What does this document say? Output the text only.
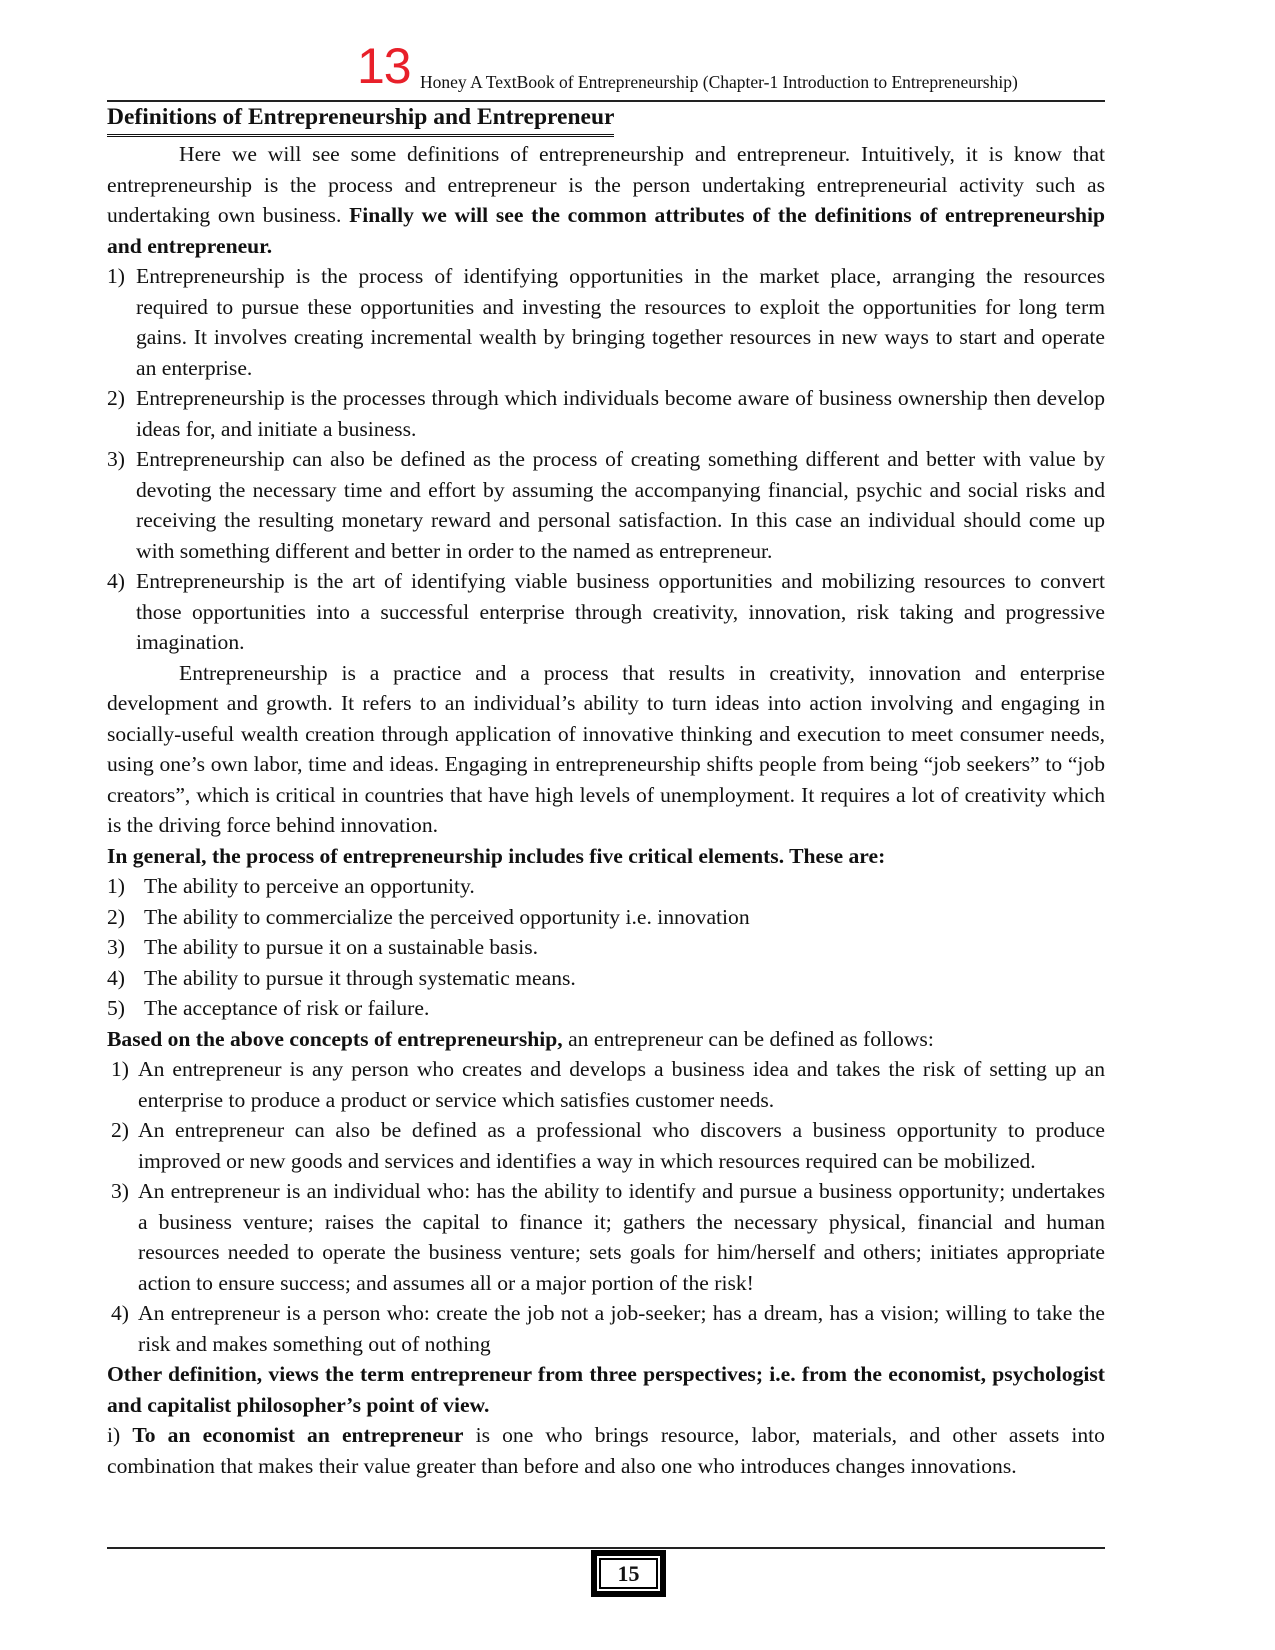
13 Honey A TextBook of Entrepreneurship (Chapter-1 Introduction to Entrepreneurship)
Definitions of Entrepreneurship and Entrepreneur

Here we will see some definitions of entrepreneurship and entrepreneur. Intuitively, it is know that entrepreneurship is the process and entrepreneur is the person undertaking entrepreneurial activity such as undertaking own business. Finally we will see the common attributes of the definitions of entrepreneurship and entrepreneur.

1) Entrepreneurship is the process of identifying opportunities in the market place, arranging the resources required to pursue these opportunities and investing the resources to exploit the opportunities for long term gains. It involves creating incremental wealth by bringing together resources in new ways to start and operate an enterprise.
2) Entrepreneurship is the processes through which individuals become aware of business ownership then develop ideas for, and initiate a business.
3) Entrepreneurship can also be defined as the process of creating something different and better with value by devoting the necessary time and effort by assuming the accompanying financial, psychic and social risks and receiving the resulting monetary reward and personal satisfaction. In this case an individual should come up with something different and better in order to the named as entrepreneur.
4) Entrepreneurship is the art of identifying viable business opportunities and mobilizing resources to convert those opportunities into a successful enterprise through creativity, innovation, risk taking and progressive imagination.

Entrepreneurship is a practice and a process that results in creativity, innovation and enterprise development and growth. It refers to an individual’s ability to turn ideas into action involving and engaging in socially-useful wealth creation through application of innovative thinking and execution to meet consumer needs, using one’s own labor, time and ideas. Engaging in entrepreneurship shifts people from being “job seekers” to “job creators”, which is critical in countries that have high levels of unemployment. It requires a lot of creativity which is the driving force behind innovation.

In general, the process of entrepreneurship includes five critical elements. These are:

1) The ability to perceive an opportunity.
2) The ability to commercialize the perceived opportunity i.e. innovation
3) The ability to pursue it on a sustainable basis.
4) The ability to pursue it through systematic means.
5) The acceptance of risk or failure.

Based on the above concepts of entrepreneurship, an entrepreneur can be defined as follows:

1) An entrepreneur is any person who creates and develops a business idea and takes the risk of setting up an enterprise to produce a product or service which satisfies customer needs.
2) An entrepreneur can also be defined as a professional who discovers a business opportunity to produce improved or new goods and services and identifies a way in which resources required can be mobilized.
3) An entrepreneur is an individual who: has the ability to identify and pursue a business opportunity; undertakes a business venture; raises the capital to finance it; gathers the necessary physical, financial and human resources needed to operate the business venture; sets goals for him/herself and others; initiates appropriate action to ensure success; and assumes all or a major portion of the risk!
4) An entrepreneur is a person who: create the job not a job-seeker; has a dream, has a vision; willing to take the risk and makes something out of nothing

Other definition, views the term entrepreneur from three perspectives; i.e. from the economist, psychologist and capitalist philosopher’s point of view.

i) To an economist an entrepreneur is one who brings resource, labor, materials, and other assets into combination that makes their value greater than before and also one who introduces changes innovations.

15
